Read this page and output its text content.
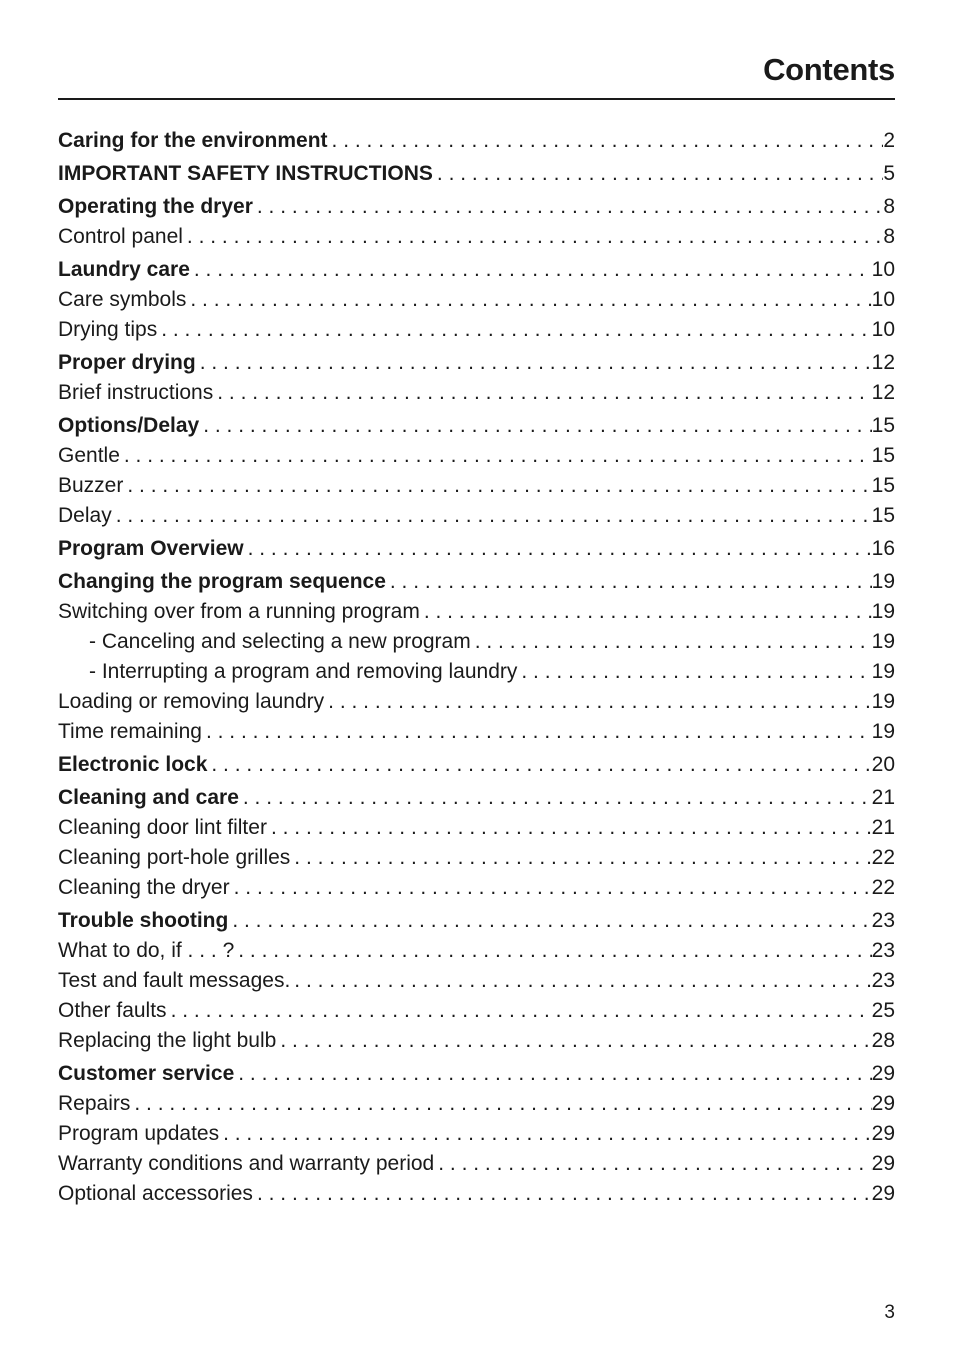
Contents
Caring for the environment . . .	2
IMPORTANT SAFETY INSTRUCTIONS . . .	5
Operating the dryer . . .	8
Control panel . . .	8
Laundry care . . .	10
Care symbols . . .	10
Drying tips . . .	10
Proper drying . . .	12
Brief instructions . . .	12
Options/Delay . . .	15
Gentle . . .	15
Buzzer . . .	15
Delay . . .	15
Program Overview . . .	16
Changing the program sequence . . .	19
Switching over from a running program . . .	19
- Canceling and selecting a new program . . .	19
- Interrupting a program and removing laundry . . .	19
Loading or removing laundry . . .	19
Time remaining . . .	19
Electronic lock . . .	20
Cleaning and care . . .	21
Cleaning door lint filter . . .	21
Cleaning port-hole grilles . . .	22
Cleaning the dryer . . .	22
Trouble shooting . . .	23
What to do, if . . . ? . . .	23
Test and fault messages. . . .	23
Other faults . . .	25
Replacing the light bulb . . .	28
Customer service . . .	29
Repairs . . .	29
Program updates . . .	29
Warranty conditions and warranty period . . .	29
Optional accessories . . .	29
3
